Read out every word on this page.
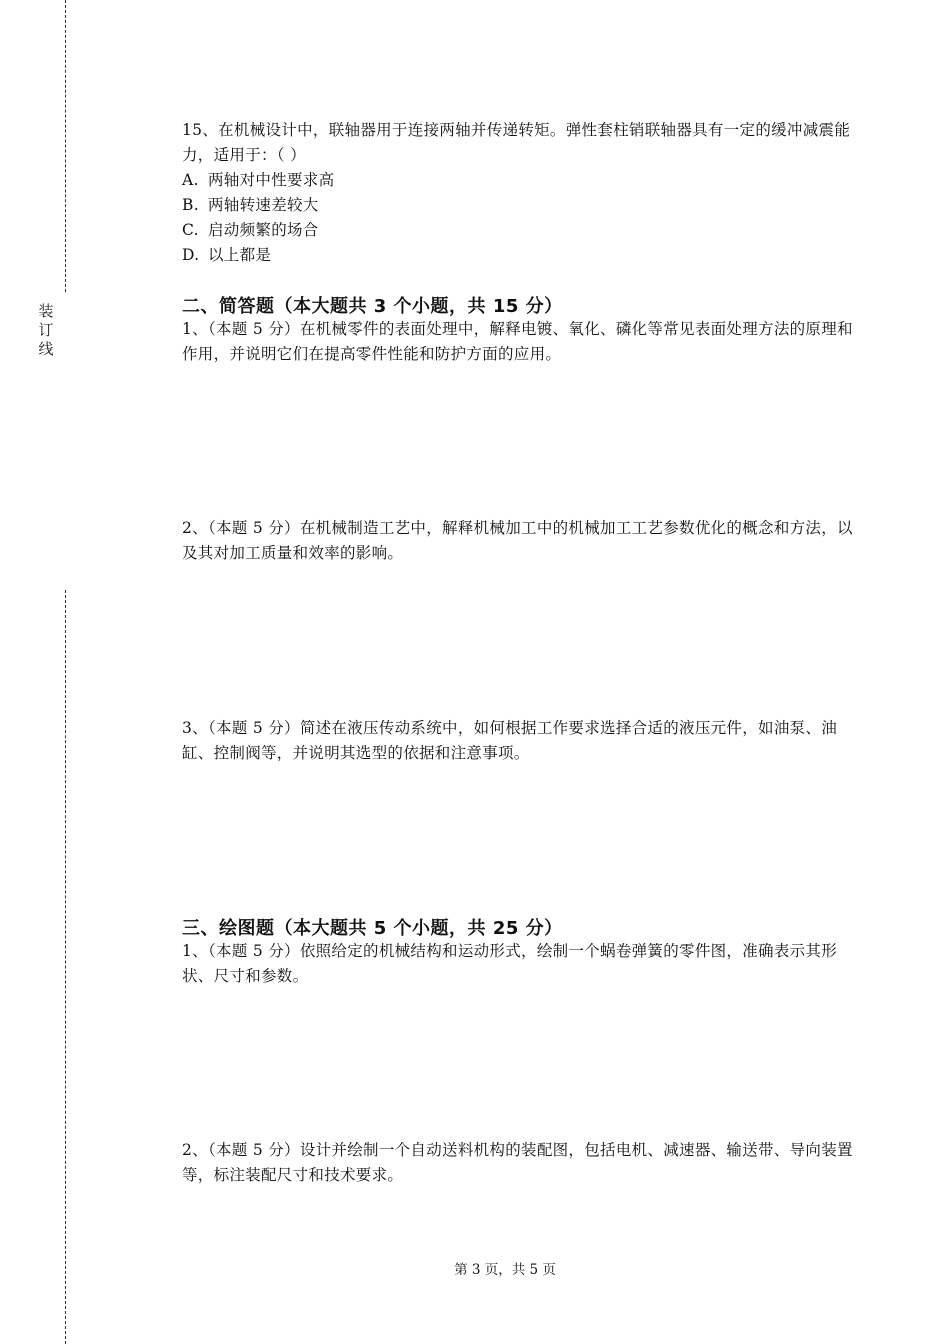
装
订
线

15、在机械设计中，联轴器用于连接两轴并传递转矩。弹性套柱销联轴器具有一定的缓冲减震能力，适用于：（ ）

A. 两轴对中性要求高
B. 两轴转速差较大
C. 启动频繁的场合
D. 以上都是
二、简答题（本大题共 3 个小题，共 15 分）
1、（本题 5 分）在机械零件的表面处理中，解释电镀、氧化、磷化等常见表面处理方法的原理和作用，并说明它们在提高零件性能和防护方面的应用。
2、（本题 5 分）在机械制造工艺中，解释机械加工中的机械加工工艺参数优化的概念和方法，以及其对加工质量和效率的影响。
3、（本题 5 分）简述在液压传动系统中，如何根据工作要求选择合适的液压元件，如油泵、油缸、控制阀等，并说明其选型的依据和注意事项。
三、绘图题（本大题共 5 个小题，共 25 分）
1、（本题 5 分）依照给定的机械结构和运动形式，绘制一个蜗卷弹簧的零件图，准确表示其形状、尺寸和参数。
2、（本题 5 分）设计并绘制一个自动送料机构的装配图，包括电机、减速器、输送带、导向装置等，标注装配尺寸和技术要求。
第 3 页，共 5 页
